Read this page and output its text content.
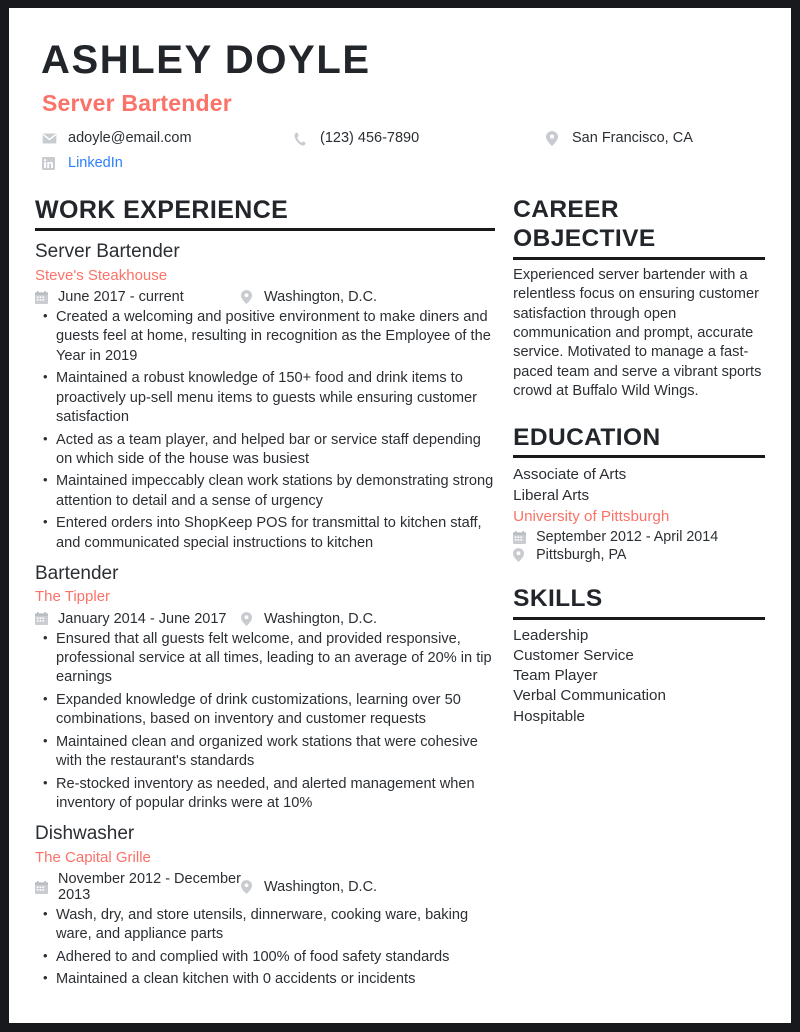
ASHLEY DOYLE
Server Bartender
adoyle@email.com	(123) 456-7890	San Francisco, CA
LinkedIn
WORK EXPERIENCE
Server Bartender
Steve's Steakhouse
June 2017 - current	Washington, D.C.
• Created a welcoming and positive environment to make diners and guests feel at home, resulting in recognition as the Employee of the Year in 2019
• Maintained a robust knowledge of 150+ food and drink items to proactively up-sell menu items to guests while ensuring customer satisfaction
• Acted as a team player, and helped bar or service staff depending on which side of the house was busiest
• Maintained impeccably clean work stations by demonstrating strong attention to detail and a sense of urgency
• Entered orders into ShopKeep POS for transmittal to kitchen staff, and communicated special instructions to kitchen
Bartender
The Tippler
January 2014 - June 2017	Washington, D.C.
• Ensured that all guests felt welcome, and provided responsive, professional service at all times, leading to an average of 20% in tip earnings
• Expanded knowledge of drink customizations, learning over 50 combinations, based on inventory and customer requests
• Maintained clean and organized work stations that were cohesive with the restaurant's standards
• Re-stocked inventory as needed, and alerted management when inventory of popular drinks were at 10%
Dishwasher
The Capital Grille
November 2012 - December 2013	Washington, D.C.
• Wash, dry, and store utensils, dinnerware, cooking ware, baking ware, and appliance parts
• Adhered to and complied with 100% of food safety standards
• Maintained a clean kitchen with 0 accidents or incidents
CAREER
OBJECTIVE
Experienced server bartender with a relentless focus on ensuring customer satisfaction through open communication and prompt, accurate service. Motivated to manage a fast-paced team and serve a vibrant sports crowd at Buffalo Wild Wings.
EDUCATION
Associate of Arts
Liberal Arts
University of Pittsburgh
September 2012 - April 2014
Pittsburgh, PA
SKILLS
Leadership
Customer Service
Team Player
Verbal Communication
Hospitable
